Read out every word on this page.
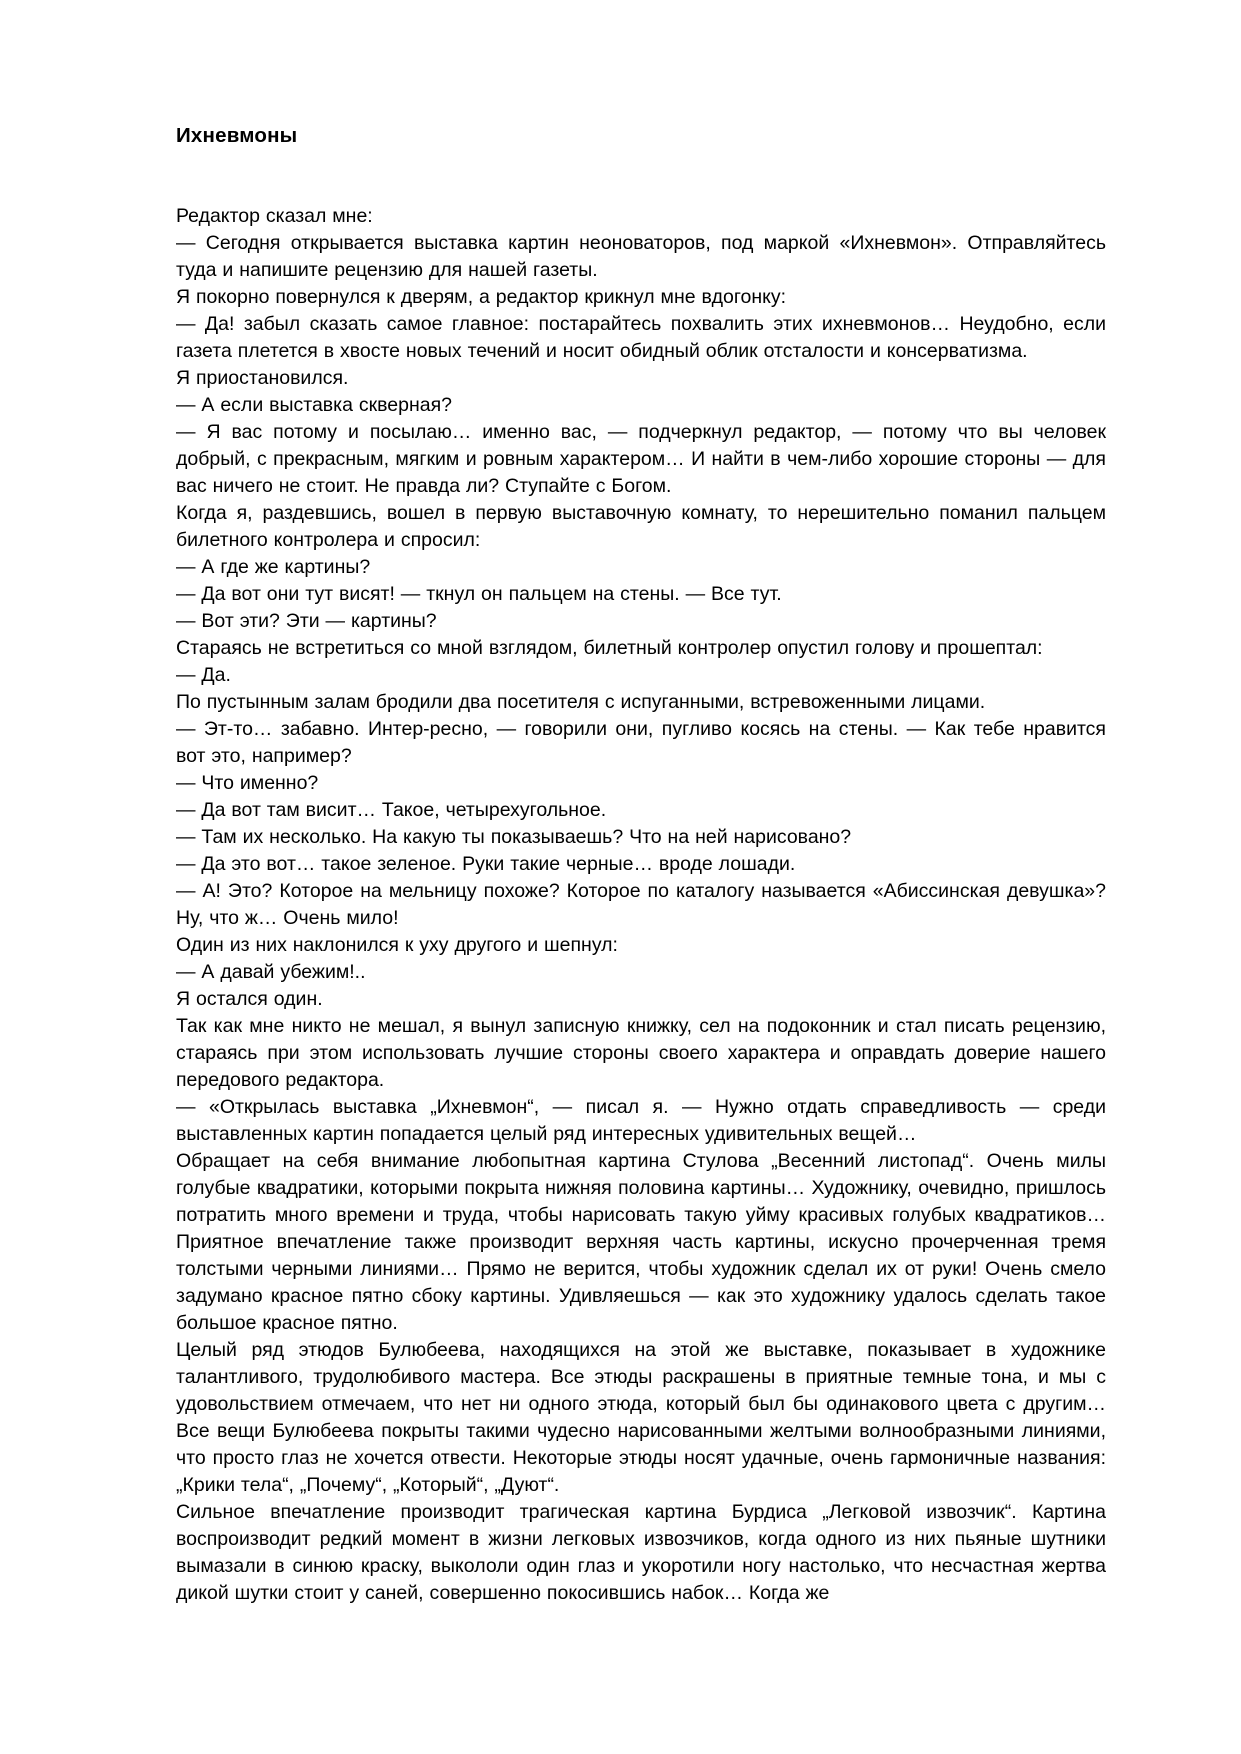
Ихневмоны

Редактор сказал мне:

— Сегодня открывается выставка картин неоноваторов, под маркой «Ихневмон». Отправляйтесь туда и напишите рецензию для нашей газеты.

Я покорно повернулся к дверям, а редактор крикнул мне вдогонку:

— Да! забыл сказать самое главное: постарайтесь похвалить этих ихневмонов… Неудобно, если газета плетется в хвосте новых течений и носит обидный облик отсталости и консерватизма.

Я приостановился.

— А если выставка скверная?

— Я вас потому и посылаю… именно вас, — подчеркнул редактор, — потому что вы человек добрый, с прекрасным, мягким и ровным характером… И найти в чем-либо хорошие стороны — для вас ничего не стоит. Не правда ли? Ступайте с Богом.

Когда я, раздевшись, вошел в первую выставочную комнату, то нерешительно поманил пальцем билетного контролера и спросил:

— А где же картины?

— Да вот они тут висят! — ткнул он пальцем на стены. — Все тут.

— Вот эти? Эти — картины?

Стараясь не встретиться со мной взглядом, билетный контролер опустил голову и прошептал:

— Да.

По пустынным залам бродили два посетителя с испуганными, встревоженными лицами.

— Эт-то… забавно. Интер-ресно, — говорили они, пугливо косясь на стены. — Как тебе нравится вот это, например?

— Что именно?

— Да вот там висит… Такое, четырехугольное.

— Там их несколько. На какую ты показываешь? Что на ней нарисовано?

— Да это вот… такое зеленое. Руки такие черные… вроде лошади.

— А! Это? Которое на мельницу похоже? Которое по каталогу называется «Абиссинская девушка»? Ну, что ж… Очень мило!

Один из них наклонился к уху другого и шепнул:

— А давай убежим!..

Я остался один.

Так как мне никто не мешал, я вынул записную книжку, сел на подоконник и стал писать рецензию, стараясь при этом использовать лучшие стороны своего характера и оправдать доверие нашего передового редактора.

— «Открылась выставка „Ихневмон“, — писал я. — Нужно отдать справедливость — среди выставленных картин попадается целый ряд интересных удивительных вещей…

Обращает на себя внимание любопытная картина Стулова „Весенний листопад“. Очень милы голубые квадратики, которыми покрыта нижняя половина картины… Художнику, очевидно, пришлось потратить много времени и труда, чтобы нарисовать такую уйму красивых голубых квадратиков… Приятное впечатление также производит верхняя часть картины, искусно прочерченная тремя толстыми черными линиями… Прямо не верится, чтобы художник сделал их от руки! Очень смело задумано красное пятно сбоку картины. Удивляешься — как это художнику удалось сделать такое большое красное пятно.

Целый ряд этюдов Булюбеева, находящихся на этой же выставке, показывает в художнике талантливого, трудолюбивого мастера. Все этюды раскрашены в приятные темные тона, и мы с удовольствием отмечаем, что нет ни одного этюда, который был бы одинакового цвета с другим… Все вещи Булюбеева покрыты такими чудесно нарисованными желтыми волнообразными линиями, что просто глаз не хочется отвести. Некоторые этюды носят удачные, очень гармоничные названия: „Крики тела“, „Почему“, „Который“, „Дуют“.

Сильное впечатление производит трагическая картина Бурдиса „Легковой извозчик“. Картина воспроизводит редкий момент в жизни легковых извозчиков, когда одного из них пьяные шутники вымазали в синюю краску, выкололи один глаз и укоротили ногу настолько, что несчастная жертва дикой шутки стоит у саней, совершенно покосившись набок… Когда же
